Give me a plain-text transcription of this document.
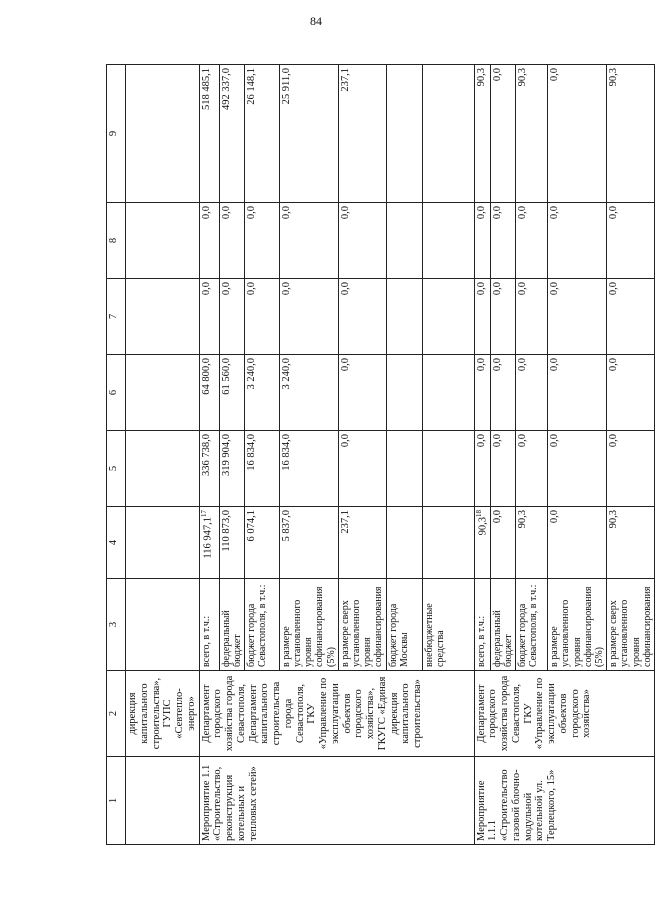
84
1	2	3	4	5	6	7	8	9
	дирекция капитального строительства», ГУПС «Севтепло-энерго»							
Мероприятие 1.1 «Строительство, реконструкция котельных и тепловых сетей»	Департамент городского хозяйства города Севастополя, Департамент капитального строительства города Севастополя, ГКУ «Управление по эксплуатации объектов городского хозяйства», ГКУГС «Единая дирекция капитального строительства»	всего, в т.ч.:	116 947,1$^{17}$	336 738,0	64 800,0	0,0	0,0	518 485,1
		федеральный бюджет	110 873,0	319 904,0	61 560,0	0,0	0,0	492 337,0
		бюджет города Севастополя, в т.ч.:	6 074,1	16 834,0	3 240,0	0,0	0,0	26 148,1
		в размере установленного уровня софинансирования (5%)	5 837,0	16 834,0	3 240,0	0,0	0,0	25 911,0
		в размере сверх установленного уровня софинансирования	237,1	0,0	0,0	0,0	0,0	237,1
		бюджет города Москвы						
		внебюджетные средства						
Мероприятие 1.1.1 «Строительство газовой блочно-модульной котельной ул. Терлецкого, 15»	Департамент городского хозяйства города Севастополя, ГКУ «Управление по эксплуатации объектов городского хозяйства»	всего, в т.ч.:	90,3$^{18}$	0,0	0,0	0,0	0,0	90,3
		федеральный бюджет	0,0	0,0	0,0	0,0	0,0	0,0
		бюджет города Севастополя, в т.ч.:	90,3	0,0	0,0	0,0	0,0	90,3
		в размере установленного уровня софинансирования (5%)	0,0	0,0	0,0	0,0	0,0	0,0
		в размере сверх установленного уровня софинансирования	90,3	0,0	0,0	0,0	0,0	90,3
